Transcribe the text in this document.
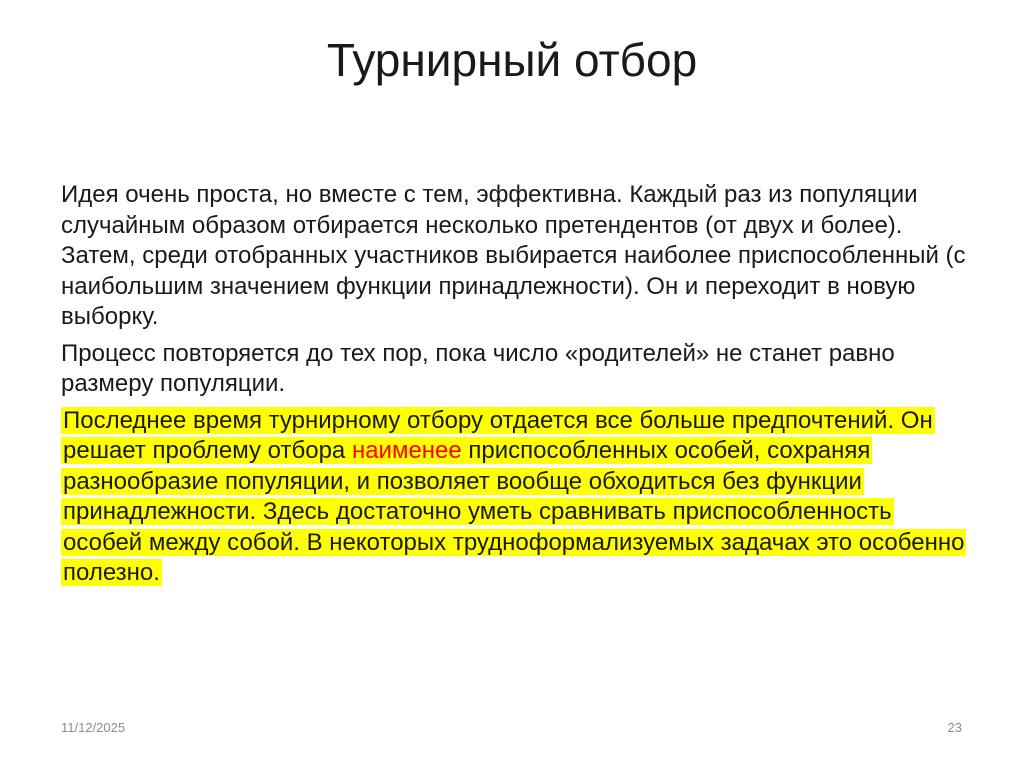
Турнирный отбор

Идея очень проста, но вместе с тем, эффективна. Каждый раз из популяции случайным образом отбирается несколько претендентов (от двух и более). Затем, среди отобранных участников выбирается наиболее приспособленный (с наибольшим значением функции принадлежности). Он и переходит в новую выборку.

Процесс повторяется до тех пор, пока число «родителей» не станет равно размеру популяции.

Последнее время турнирному отбору отдается все больше предпочтений. Он решает проблему отбора наименее приспособленных особей, сохраняя разнообразие популяции, и позволяет вообще обходиться без функции принадлежности. Здесь достаточно уметь сравнивать приспособленность особей между собой. В некоторых трудноформализуемых задачах это особенно полезно.

11/12/2025	23
